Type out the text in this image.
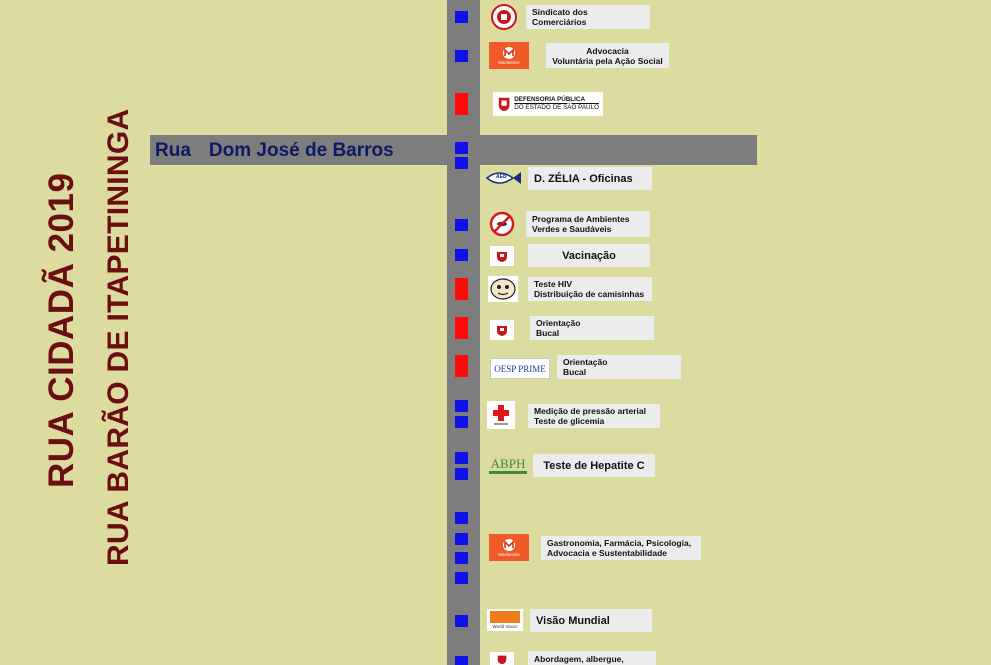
RUA CIDADÃ 2019 RUA BARÃO DE ITAPETININGA Rua Dom José de Barros
Sindicato dos
Comerciários
Mackenzie
Advocacia
Voluntária pela Ação Social
DEFENSORIA PÚBLICA
DO ESTADO DE SÃO PAULO
AEB D. ZÉLIA - Oficinas
Programa de Ambientes
Verdes e Saudáveis
Vacinação
Teste HIV
Distribuição de camisinhas
Orientação
Bucal
OESP PRIME
Orientação
Bucal
Medição de pressão arterial
Teste de glicemia
ABPH Teste de Hepatite C
Mackenzie
Gastronomia, Farmácia, Psicologia,
Advocacia e Sustentabilidade
World Vision Visão Mundial
Abordagem, albergue,
